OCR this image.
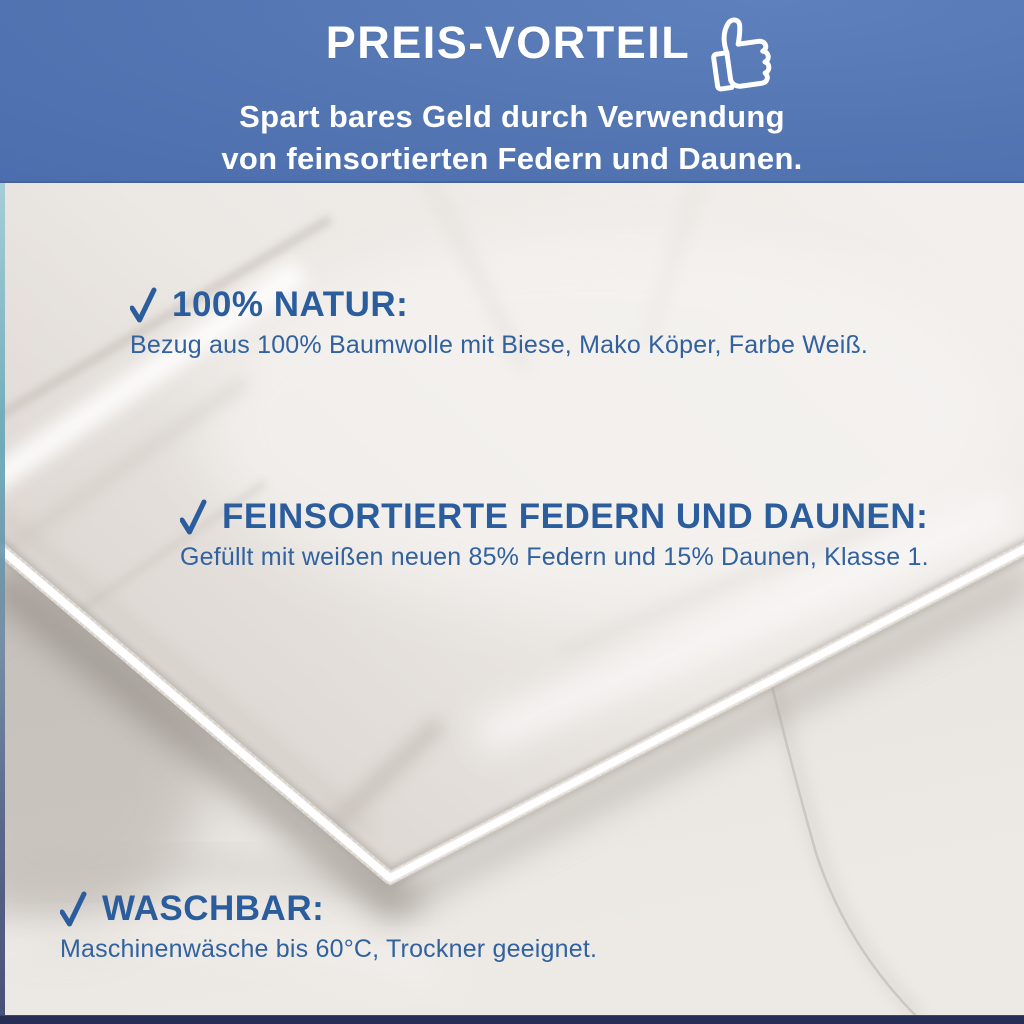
PREIS-VORTEIL
Spart bares Geld durch Verwendung
von feinsortierten Federn und Daunen.
100% NATUR:

Bezug aus 100% Baumwolle mit Biese, Mako Köper, Farbe Weiß.

FEINSORTIERTE FEDERN UND DAUNEN:

Gefüllt mit weißen neuen 85% Federn und 15% Daunen, Klasse 1.

WASCHBAR:

Maschinenwäsche bis 60°C, Trockner geeignet.
